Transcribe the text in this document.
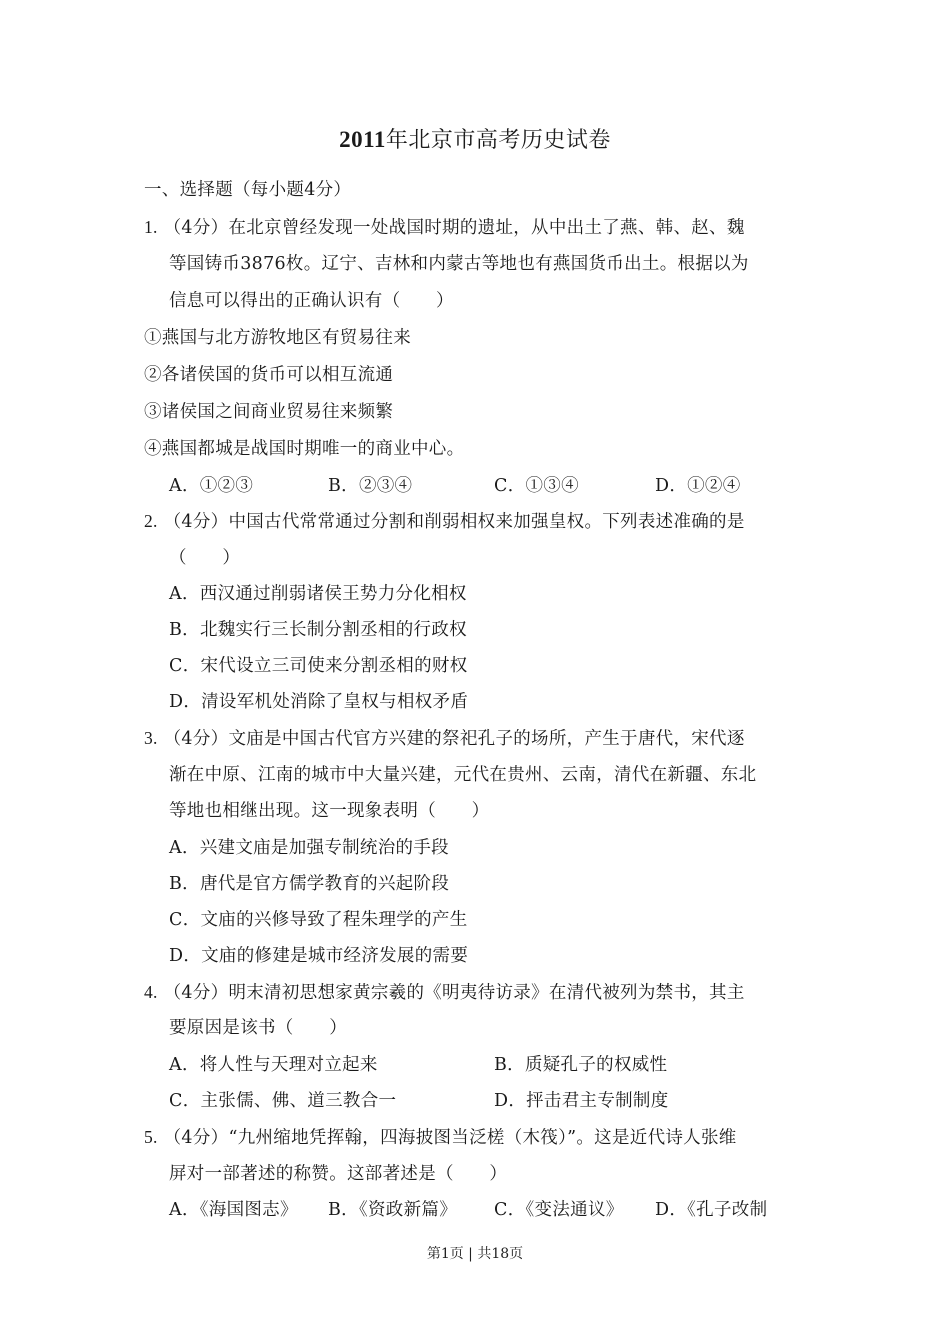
2011年北京市高考历史试卷
一、选择题（每小题4分）
1. （4分）在北京曾经发现一处战国时期的遗址，从中出土了燕、韩、赵、魏
等国铸币3876枚。辽宁、吉林和内蒙古等地也有燕国货币出土。根据以为
信息可以得出的正确认识有（　　）
①燕国与北方游牧地区有贸易往来
②各诸侯国的货币可以相互流通
③诸侯国之间商业贸易往来频繁
④燕国都城是战国时期唯一的商业中心。
A．①②③	B．②③④	C．①③④	D．①②④
2. （4分）中国古代常常通过分割和削弱相权来加强皇权。下列表述准确的是
（　　）
A．西汉通过削弱诸侯王势力分化相权
B．北魏实行三长制分割丞相的行政权
C．宋代设立三司使来分割丞相的财权
D．清设军机处消除了皇权与相权矛盾
3. （4分）文庙是中国古代官方兴建的祭祀孔子的场所，产生于唐代，宋代逐
渐在中原、江南的城市中大量兴建，元代在贵州、云南，清代在新疆、东北
等地也相继出现。这一现象表明（　　）
A．兴建文庙是加强专制统治的手段
B．唐代是官方儒学教育的兴起阶段
C．文庙的兴修导致了程朱理学的产生
D．文庙的修建是城市经济发展的需要
4. （4分）明末清初思想家黄宗羲的《明夷待访录》在清代被列为禁书，其主
要原因是该书（　　）
A．将人性与天理对立起来	B．质疑孔子的权威性
C．主张儒、佛、道三教合一	D．抨击君主专制制度
5. （4分）“九州缩地凭挥翰，四海披图当泛槎（木筏）”。这是近代诗人张维
屏对一部著述的称赞。这部著述是（　　）
A．《海国图志》 B．《资政新篇》 C．《变法通议》 D．《孔子改制
第1页 | 共18页
